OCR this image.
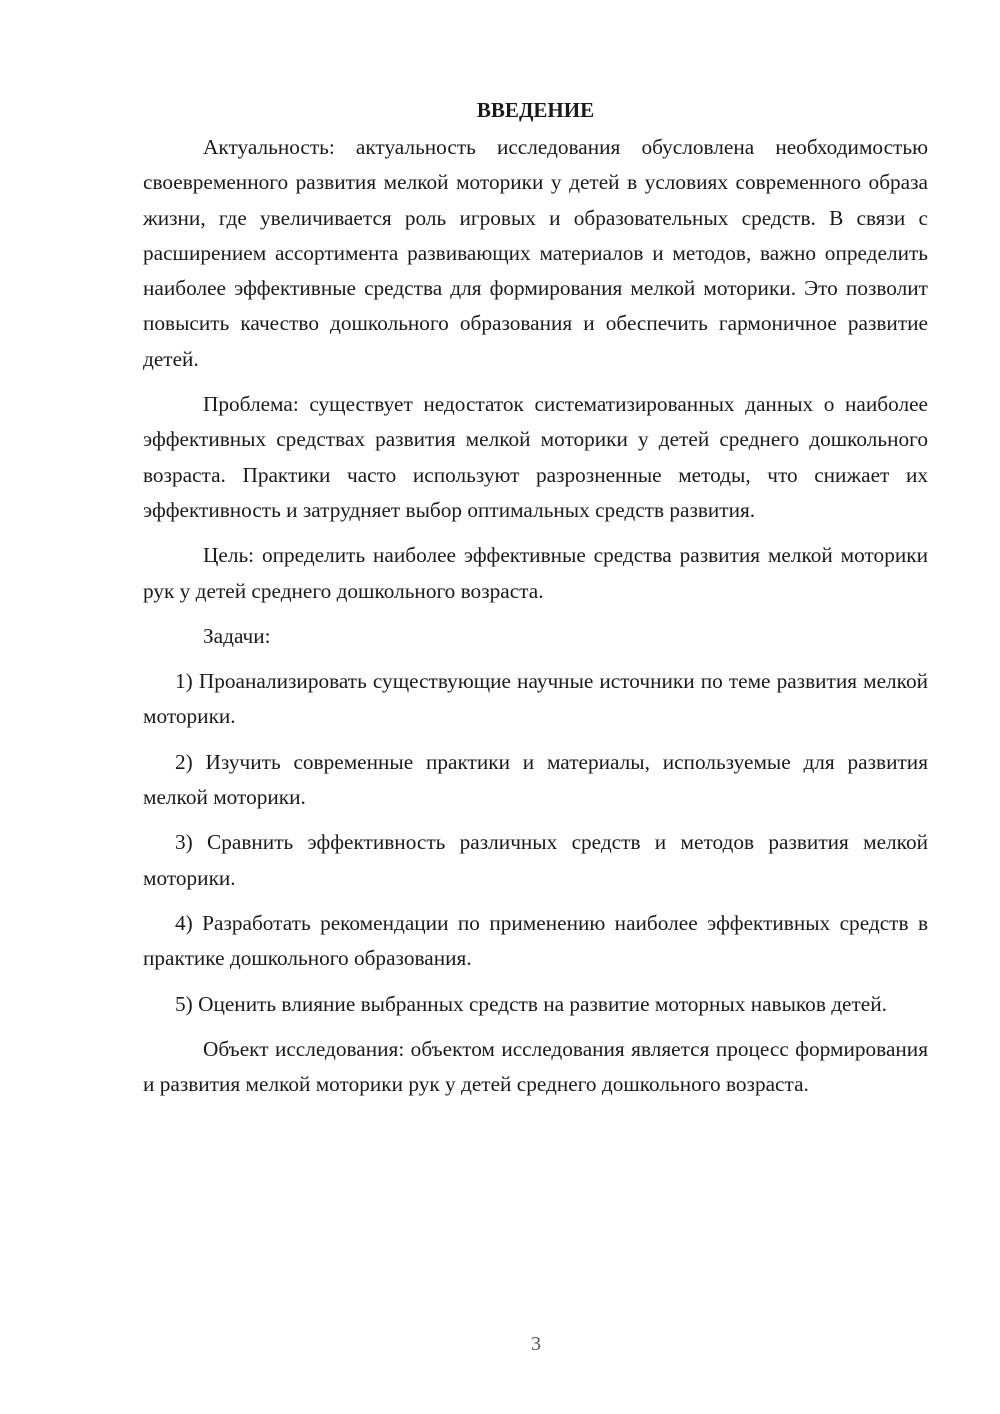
ВВЕДЕНИЕ

Актуальность: актуальность исследования обусловлена необходимостью своевременного развития мелкой моторики у детей в условиях современного образа жизни, где увеличивается роль игровых и образовательных средств. В связи с расширением ассортимента развивающих материалов и методов, важно определить наиболее эффективные средства для формирования мелкой моторики. Это позволит повысить качество дошкольного образования и обеспечить гармоничное развитие детей.

Проблема: существует недостаток систематизированных данных о наиболее эффективных средствах развития мелкой моторики у детей среднего дошкольного возраста. Практики часто используют разрозненные методы, что снижает их эффективность и затрудняет выбор оптимальных средств развития.

Цель: определить наиболее эффективные средства развития мелкой моторики рук у детей среднего дошкольного возраста.

Задачи:

1) Проанализировать существующие научные источники по теме развития мелкой моторики.

2) Изучить современные практики и материалы, используемые для развития мелкой моторики.

3) Сравнить эффективность различных средств и методов развития мелкой моторики.

4) Разработать рекомендации по применению наиболее эффективных средств в практике дошкольного образования.

5) Оценить влияние выбранных средств на развитие моторных навыков детей.

Объект исследования: объектом исследования является процесс формирования и развития мелкой моторики рук у детей среднего дошкольного возраста.

3
